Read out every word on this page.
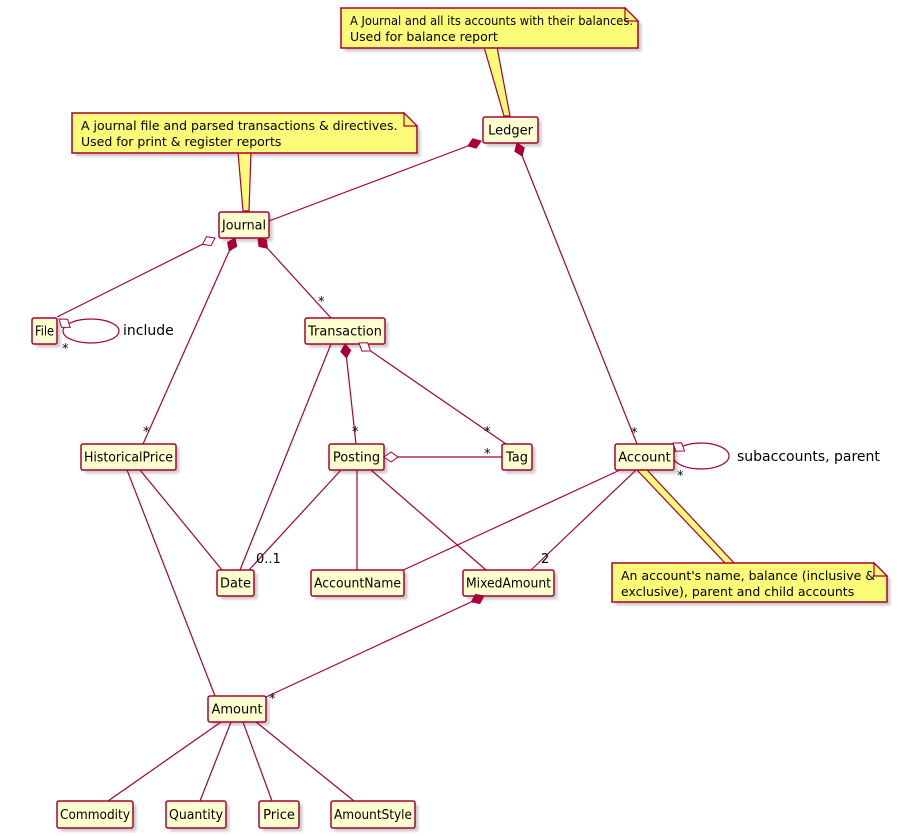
Ledger
Journal
File	Transaction
HistoricalPrice	Posting	Tag	Account
Date	AccountName	MixedAmount
Amount
Commodity	Quantity	Price	AmountStyle
A Journal and all its accounts with their balances.
Used for balance report
A journal file and parsed transactions & directives.
Used for print & register reports
An account's name, balance (inclusive &
exclusive), parent and child accounts
*
*
*
*	*
*
0..1	2
*
include
*
subaccounts, parent
*
